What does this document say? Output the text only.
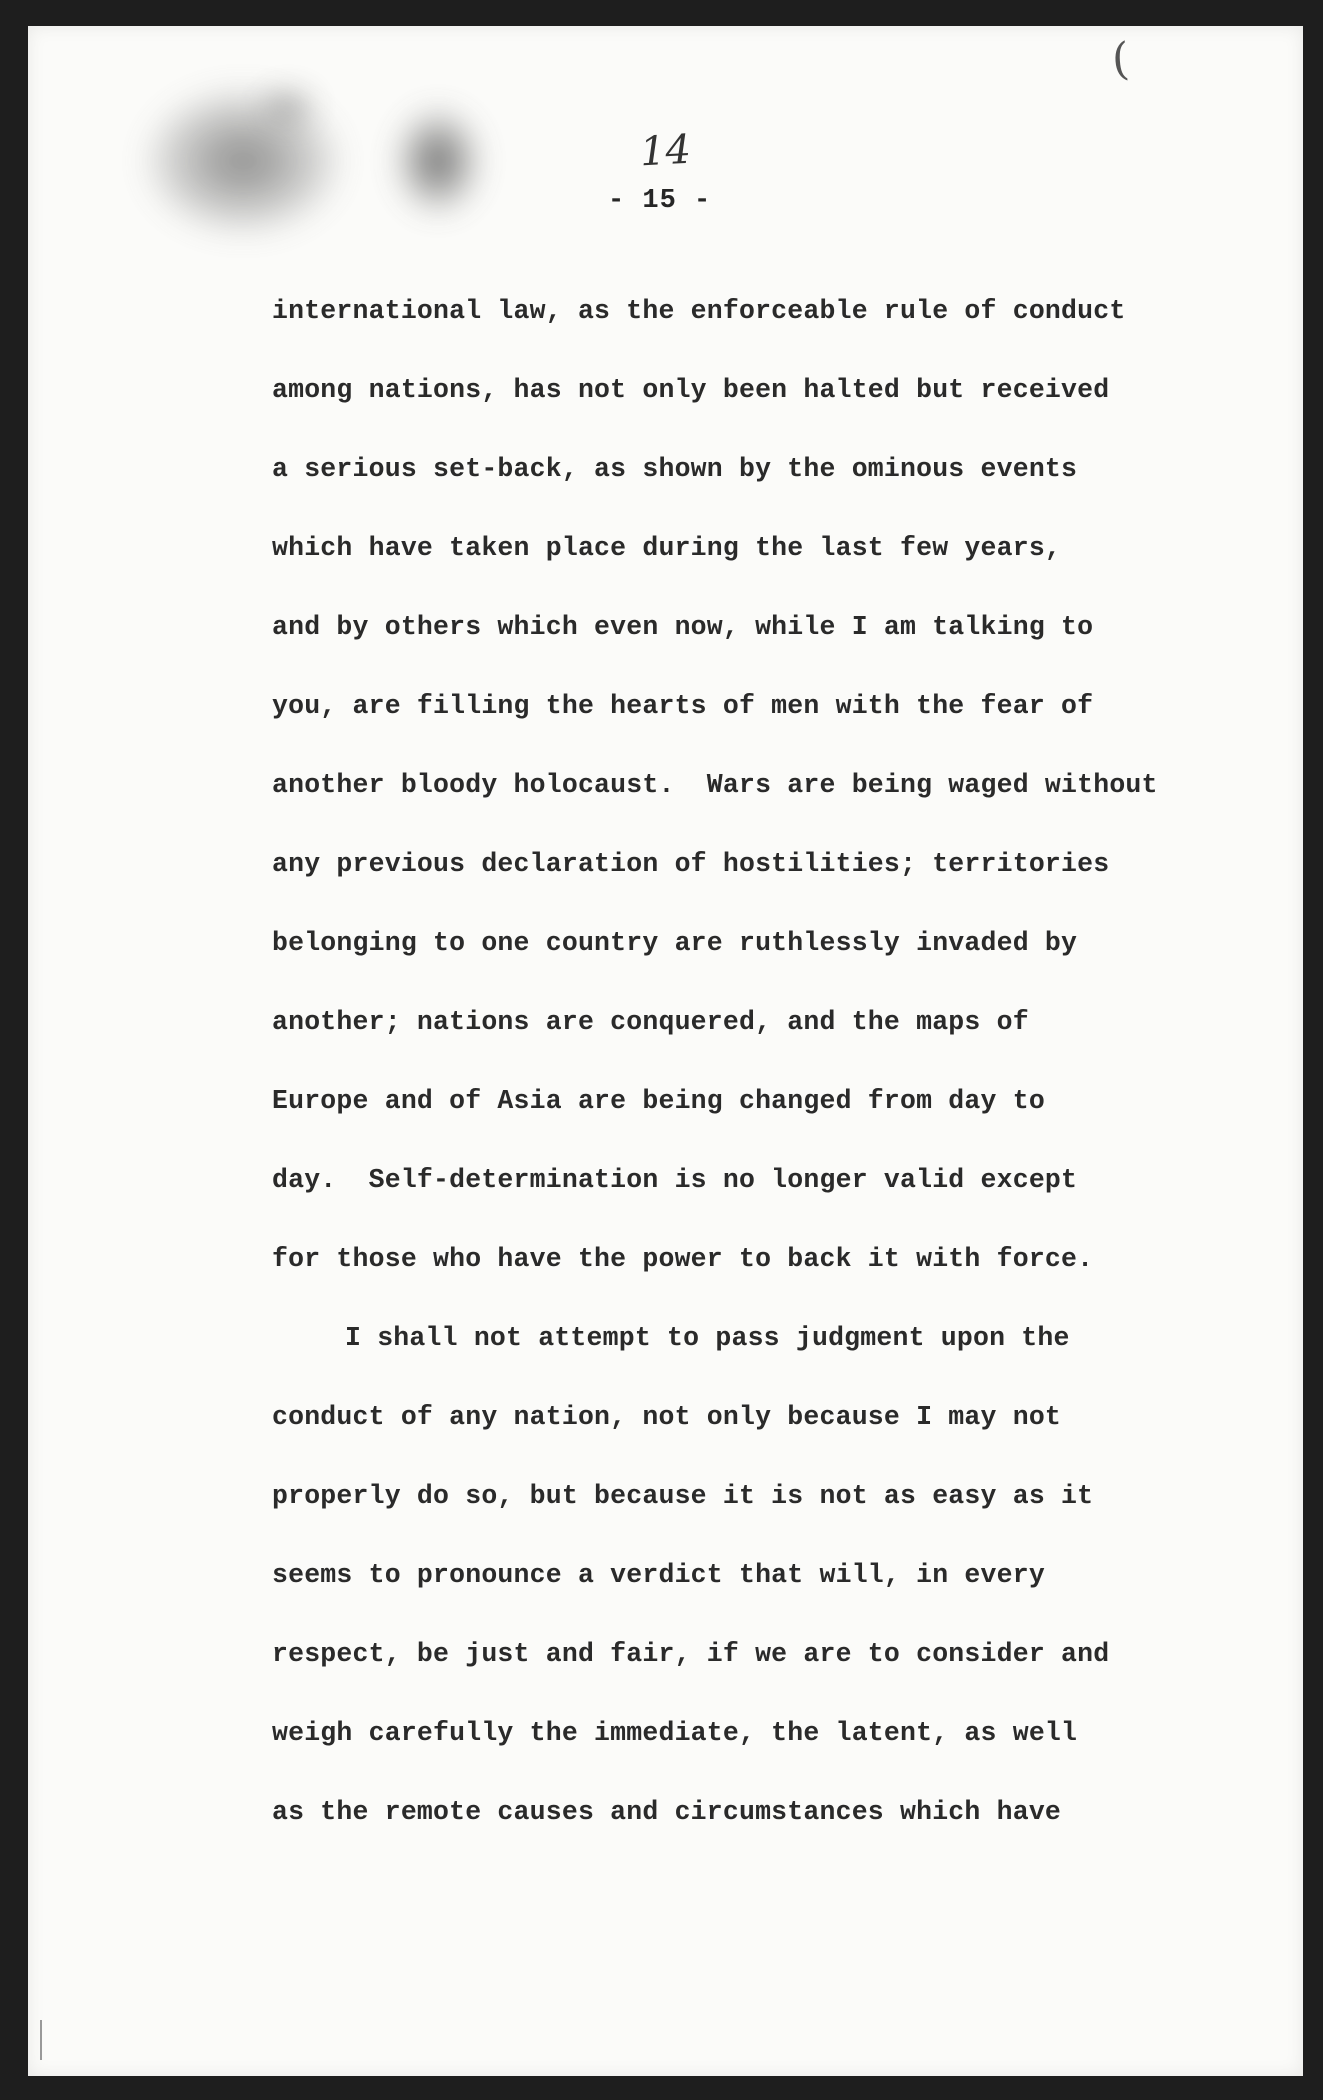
(
14
- 15 -
international law, as the enforceable rule of conduct
among nations, has not only been halted but received
a serious set-back, as shown by the ominous events
which have taken place during the last few years,
and by others which even now, while I am talking to
you, are filling the hearts of men with the fear of
another bloody holocaust.  Wars are being waged without
any previous declaration of hostilities; territories
belonging to one country are ruthlessly invaded by
another; nations are conquered, and the maps of
Europe and of Asia are being changed from day to
day.  Self-determination is no longer valid except
for those who have the power to back it with force.
I shall not attempt to pass judgment upon the
conduct of any nation, not only because I may not
properly do so, but because it is not as easy as it
seems to pronounce a verdict that will, in every
respect, be just and fair, if we are to consider and
weigh carefully the immediate, the latent, as well
as the remote causes and circumstances which have
